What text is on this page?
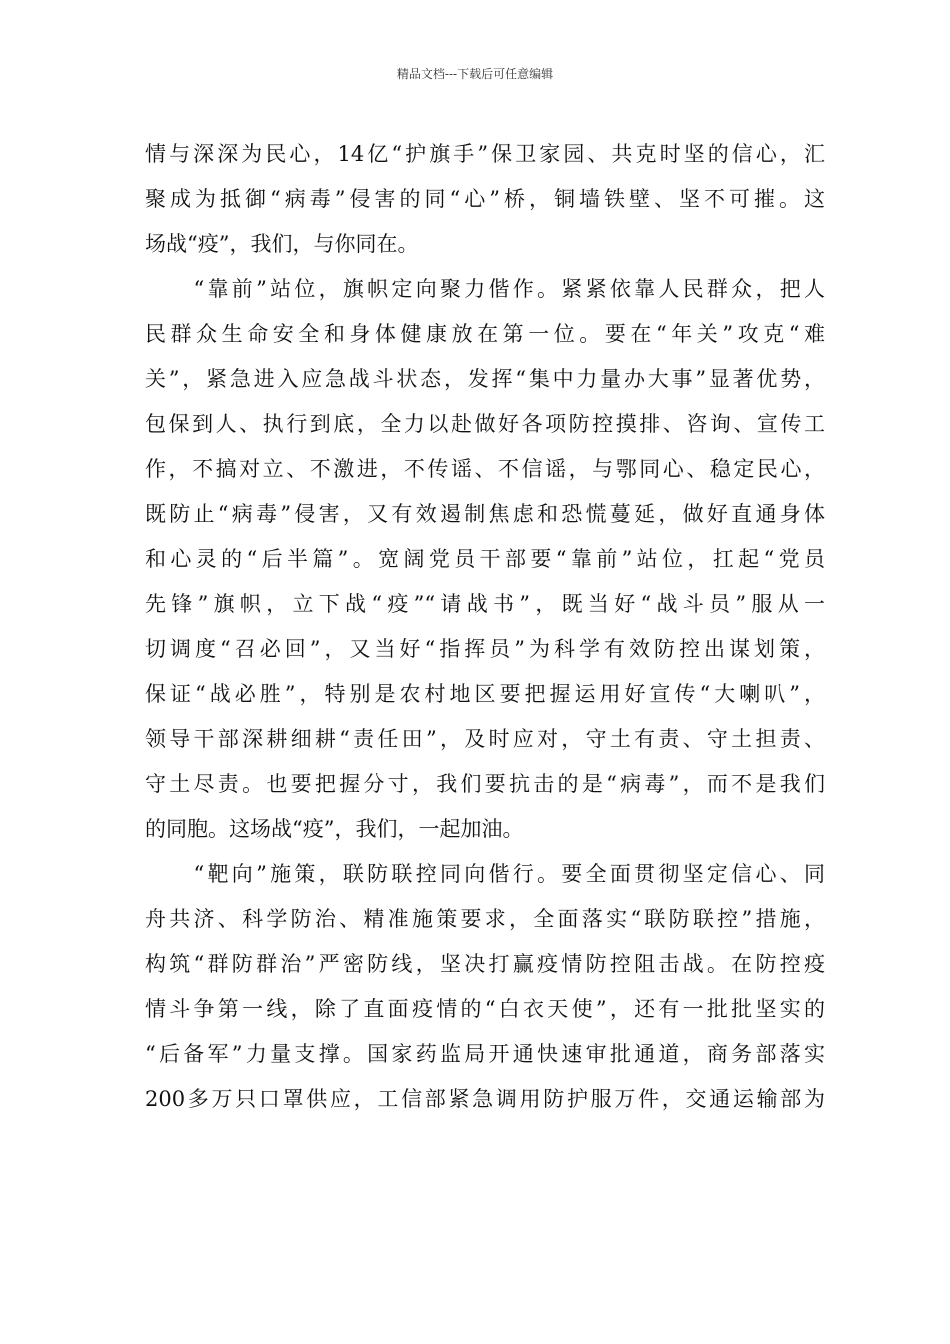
精品文档---下载后可任意编辑
情与深深为民心，14亿“护旗手”保卫家园、共克时坚的信心，汇
聚成为抵御“病毒”侵害的同“心”桥，铜墙铁壁、坚不可摧。这
场战“疫”，我们，与你同在。
　　“靠前”站位，旗帜定向聚力偕作。紧紧依靠人民群众，把人
民群众生命安全和身体健康放在第一位。要在“年关”攻克“难
关”，紧急进入应急战斗状态，发挥“集中力量办大事”显著优势，
包保到人、执行到底，全力以赴做好各项防控摸排、咨询、宣传工
作，不搞对立、不激进，不传谣、不信谣，与鄂同心、稳定民心，
既防止“病毒”侵害，又有效遏制焦虑和恐慌蔓延，做好直通身体
和心灵的“后半篇”。宽阔党员干部要“靠前”站位，扛起“党员
先锋”旗帜，立下战“疫”“请战书”，既当好“战斗员”服从一
切调度“召必回”，又当好“指挥员”为科学有效防控出谋划策，
保证“战必胜”，特别是农村地区要把握运用好宣传“大喇叭”，
领导干部深耕细耕“责任田”，及时应对，守土有责、守土担责、
守土尽责。也要把握分寸，我们要抗击的是“病毒”，而不是我们
的同胞。这场战“疫”，我们，一起加油。
　　“靶向”施策，联防联控同向偕行。要全面贯彻坚定信心、同
舟共济、科学防治、精准施策要求，全面落实“联防联控”措施，
构筑“群防群治”严密防线，坚决打赢疫情防控阻击战。在防控疫
情斗争第一线，除了直面疫情的“白衣天使”，还有一批批坚实的
“后备军”力量支撑。国家药监局开通快速审批通道，商务部落实
200多万只口罩供应，工信部紧急调用防护服万件，交通运输部为
